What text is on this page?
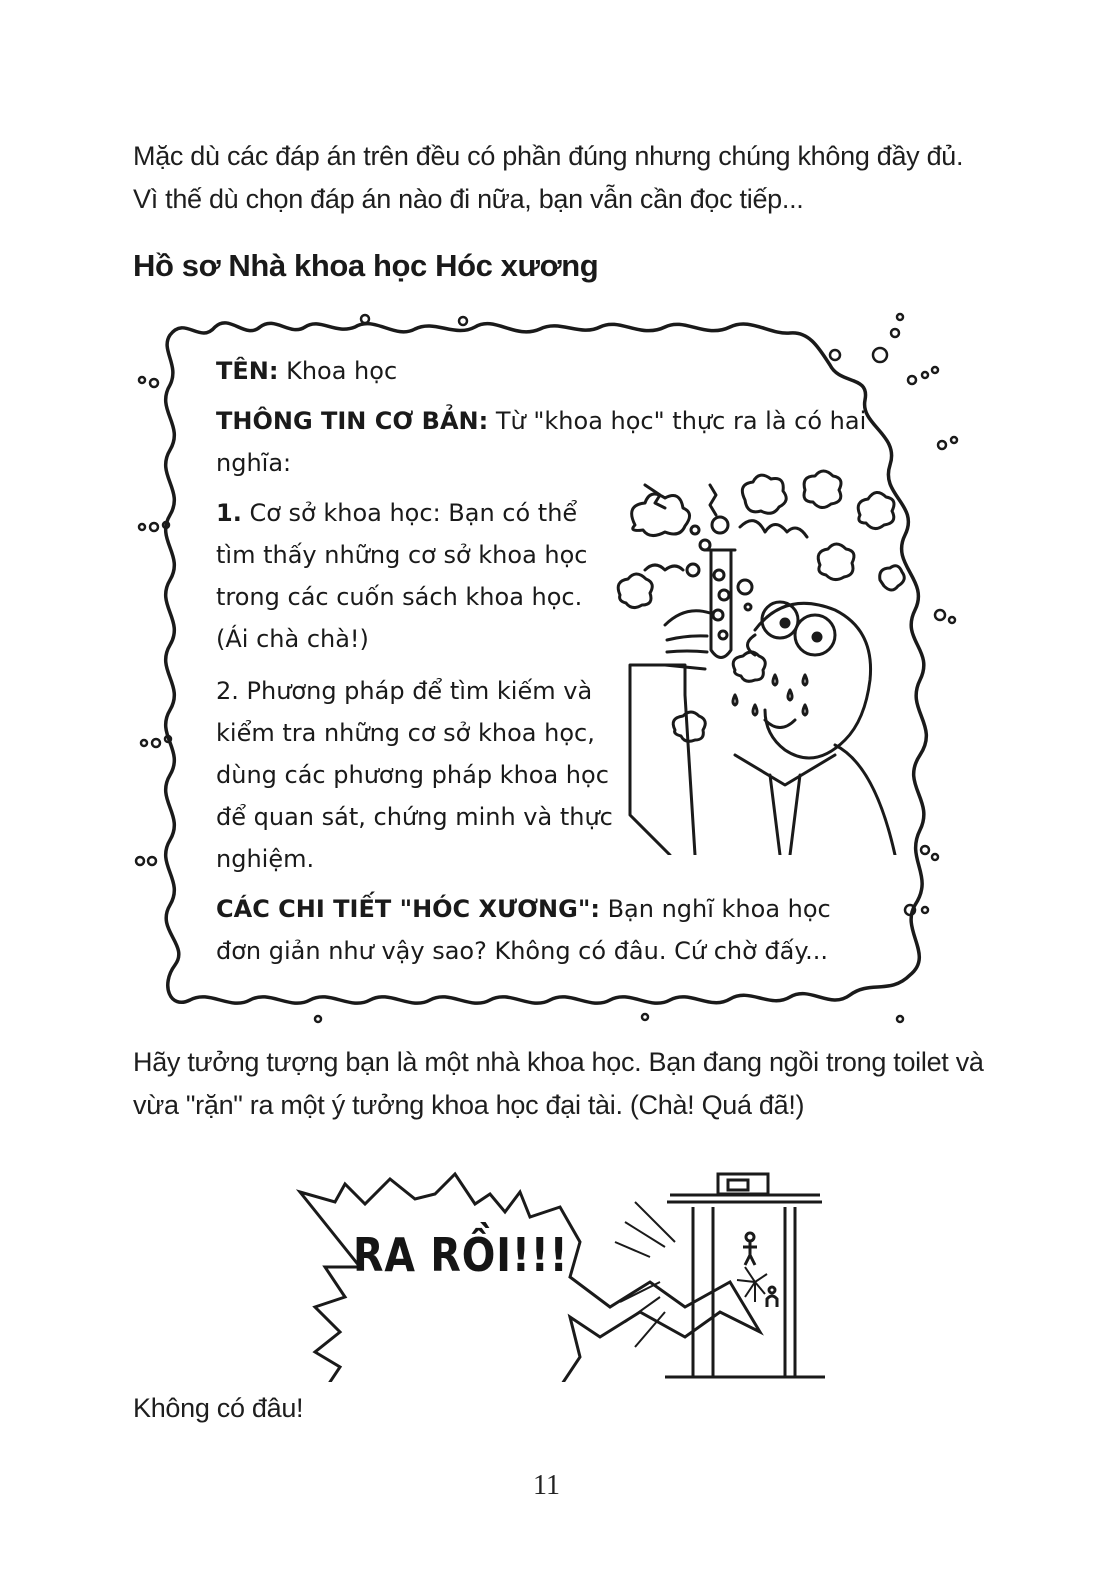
Mặc dù các đáp án trên đều có phần đúng nhưng chúng không đầy đủ. Vì thế dù chọn đáp án nào đi nữa, bạn vẫn cần đọc tiếp...
Hồ sơ Nhà khoa học Hóc xương
TÊN: Khoa học
THÔNG TIN CƠ BẢN: Từ "khoa học" thực ra là có hai nghĩa:
1. Cơ sở khoa học: Bạn có thể tìm thấy những cơ sở khoa học trong các cuốn sách khoa học. (Ái chà chà!)
2. Phương pháp để tìm kiếm và kiểm tra những cơ sở khoa học, dùng các phương pháp khoa học để quan sát, chứng minh và thực nghiệm.
CÁC CHI TIẾT "HÓC XƯƠNG": Bạn nghĩ khoa học đơn giản như vậy sao? Không có đâu. Cứ chờ đấy...
Hãy tưởng tượng bạn là một nhà khoa học. Bạn đang ngồi trong toilet và vừa "rặn" ra một ý tưởng khoa học đại tài. (Chà! Quá đã!)
RA RỒI!!!
Không có đâu!
11
